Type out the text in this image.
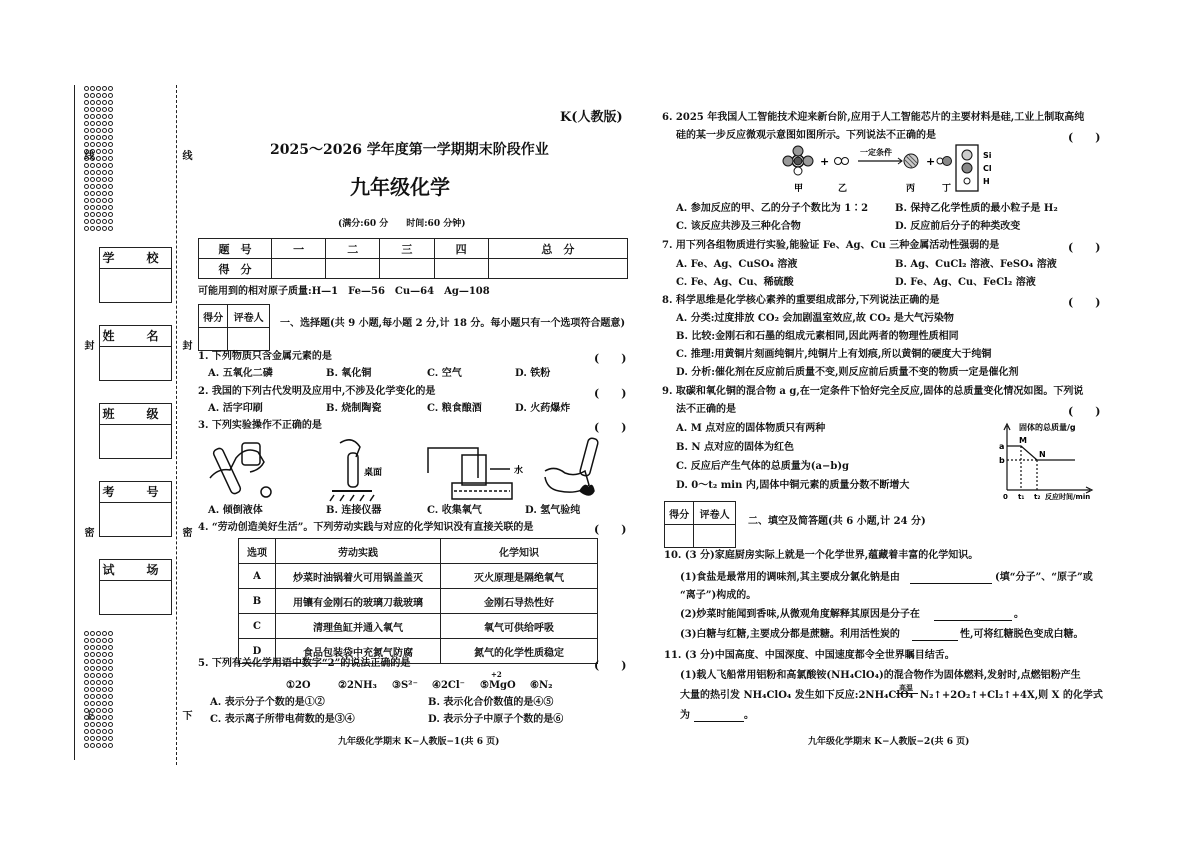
线	线
封	封
密	密
上	下
学　校
姓　名
班　级
考　号
试　场
K(人教版)
2025～2026 学年度第一学期期末阶段作业
九年级化学
(满分:60 分　　时间:60 分钟)
题　号	一	二	三	四	总　分
得　分					
可能用到的相对原子质量:H—1　Fe—56　Cu—64　Ag—108
得分	评卷人
	一、选择题(共 9 小题,每小题 2 分,计 18 分。每小题只有一个选项符合题意)
1. 下列物质只含金属元素的是	(　　)
A. 五氧化二磷	B. 氧化铜	C. 空气	D. 铁粉
2. 我国的下列古代发明及应用中,不涉及化学变化的是	(　　)
A. 活字印刷	B. 烧制陶瓷	C. 粮食酿酒	D. 火药爆炸
3. 下列实验操作不正确的是	(　　)
桌面	水
A. 倾倒液体	B. 连接仪器	C. 收集氧气	D. 氢气验纯
4. “劳动创造美好生活”。下列劳动实践与对应的化学知识没有直接关联的是	(　　)
选项	劳动实践	化学知识
A	炒菜时油锅着火可用锅盖盖灭	灭火原理是隔绝氧气
B	用镶有金刚石的玻璃刀裁玻璃	金刚石导热性好
C	清理鱼缸并通入氧气	氧气可供给呼吸
D	食品包装袋中充氮气防腐	氮气的化学性质稳定
5. 下列有关化学用语中数字“2”的说法正确的是	(　　)
①2O	②2NH₃ ③S²⁻ ④2Cl⁻
+2
⑤MgO ⑥N₂
A. 表示分子个数的是①②	B. 表示化合价数值的是④⑤
C. 表示离子所带电荷数的是③④	D. 表示分子中原子个数的是⑥
九年级化学期末 K−人教版−1(共 6 页)
6. 2025 年我国人工智能技术迎来新台阶,应用于人工智能芯片的主要材料是硅,工业上制取高纯
硅的某一步反应微观示意图如图所示。下列说法不正确的是	(　　)
+
一定条件
+	Si
Cl
H
甲	乙	丙	丁
A. 参加反应的甲、乙的分子个数比为 1∶2	B. 保持乙化学性质的最小粒子是 H₂
C. 该反应共涉及三种化合物	D. 反应前后分子的种类改变
7. 用下列各组物质进行实验,能验证 Fe、Ag、Cu 三种金属活动性强弱的是	(　　)
A. Fe、Ag、CuSO₄ 溶液	B. Ag、CuCl₂ 溶液、FeSO₄ 溶液
C. Fe、Ag、Cu、稀硫酸	D. Fe、Ag、Cu、FeCl₂ 溶液
8. 科学思维是化学核心素养的重要组成部分,下列说法正确的是	(　　)
A. 分类:过度排放 CO₂ 会加剧温室效应,故 CO₂ 是大气污染物
B. 比较:金刚石和石墨的组成元素相同,因此两者的物理性质相同
C. 推理:用黄铜片刻画纯铜片,纯铜片上有划痕,所以黄铜的硬度大于纯铜
D. 分析:催化剂在反应前后质量不变,则反应前后质量不变的物质一定是催化剂
9. 取碳和氧化铜的混合物 a g,在一定条件下恰好完全反应,固体的总质量变化情况如图。下列说
法不正确的是	(　　)
A. M 点对应的固体物质只有两种
B. N 点对应的固体为红色
C. 反应后产生气体的总质量为(a−b)g
D. 0～t₂ min 内,固体中铜元素的质量分数不断增大
固体的总质量/g
a
b
M
N
0 t₁ t₂ 反应时间/min
得分	评卷人

二、填空及简答题(共 6 小题,计 24 分)
10. (3 分)家庭厨房实际上就是一个化学世界,蕴藏着丰富的化学知识。
(1)食盐是最常用的调味剂,其主要成分氯化钠是由	(填“分子”、“原子”或
“离子”)构成的。
(2)炒菜时能闻到香味,从微观角度解释其原因是分子在	。
(3)白糖与红糖,主要成分都是蔗糖。利用活性炭的	性,可将红糖脱色变成白糖。
11. (3 分)中国高度、中国深度、中国速度都令全世界瞩目结舌。
(1)载人飞船常用铝粉和高氯酸铵(NH₄ClO₄)的混合物作为固体燃料,发射时,点燃铝粉产生
大量的热引发 NH₄ClO₄ 发生如下反应:2NH₄ClO₄
高温
N₂↑+2O₂↑+Cl₂↑+4X,则 X 的化学式
为	。
九年级化学期末 K−人教版−2(共 6 页)
